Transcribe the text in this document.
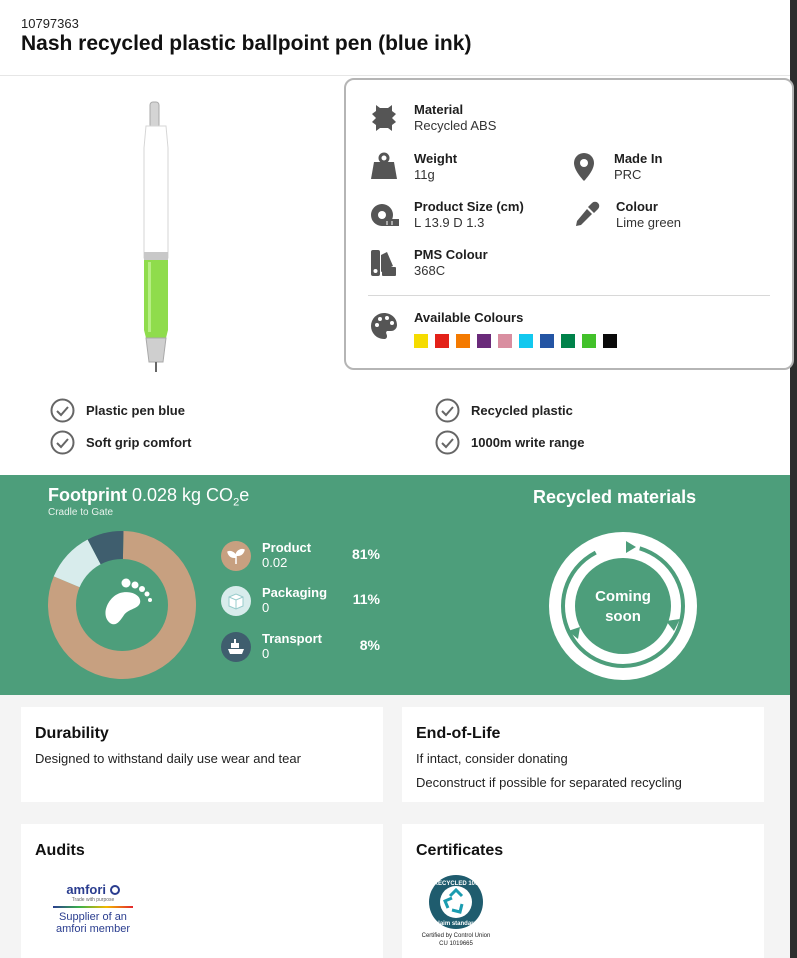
10797363
Nash recycled plastic ballpoint pen (blue ink)
Material
Recycled ABS
Weight
11g
Made In
PRC
Product Size (cm)
L 13.9 D 1.3
Colour
Lime green
PMS Colour
368C
Available Colours
Plastic pen blue	Recycled plastic
Soft grip comfort	1000m write range
Footprint 0.028 kg $CO_2e$
Cradle to Gate
Product
0.02
81%
Packaging
0
11%
Transport
0
8%
Recycled materials
Coming
soon
Durability

Designed to withstand daily use wear and tear

End-of-Life

If intact, consider donating

Deconstruct if possible for separated recycling

Audits
amfori
Trade with purpose
Supplier of an
amfori member
Certificates
RECYCLED 100
claim standard
Certified by Control Union
CU 1019665
